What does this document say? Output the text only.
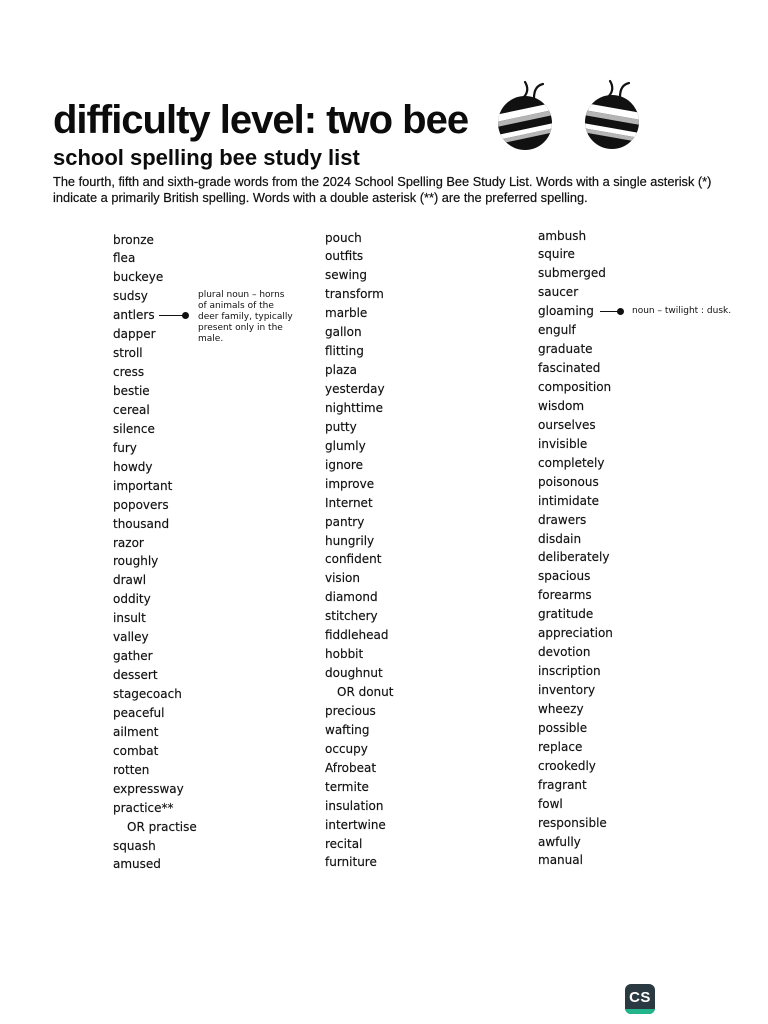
difficulty level: two bee
school spelling bee study list
The fourth, fifth and sixth-grade words from the 2024 School Spelling Bee Study List. Words with a single asterisk (*)
indicate a primarily British spelling. Words with a double asterisk (**) are the preferred spelling.
bronze
flea
buckeye
sudsy
antlers
dapper
stroll
cress
bestie
cereal
silence
fury
howdy
important
popovers
thousand
razor
roughly
drawl
oddity
insult
valley
gather
dessert
stagecoach
peaceful
ailment
combat
rotten
expressway
practice**
OR practise
squash
amused
pouch
outfits
sewing
transform
marble
gallon
flitting
plaza
yesterday
nighttime
putty
glumly
ignore
improve
Internet
pantry
hungrily
confident
vision
diamond
stitchery
fiddlehead
hobbit
doughnut
OR donut
precious
wafting
occupy
Afrobeat
termite
insulation
intertwine
recital
furniture
ambush
squire
submerged
saucer
gloaming
engulf
graduate
fascinated
composition
wisdom
ourselves
invisible
completely
poisonous
intimidate
drawers
disdain
deliberately
spacious
forearms
gratitude
appreciation
devotion
inscription
inventory
wheezy
possible
replace
crookedly
fragrant
fowl
responsible
awfully
manual
plural noun – horns of animals of the deer family, typically present only in the male.
noun – twilight : dusk.
CS
